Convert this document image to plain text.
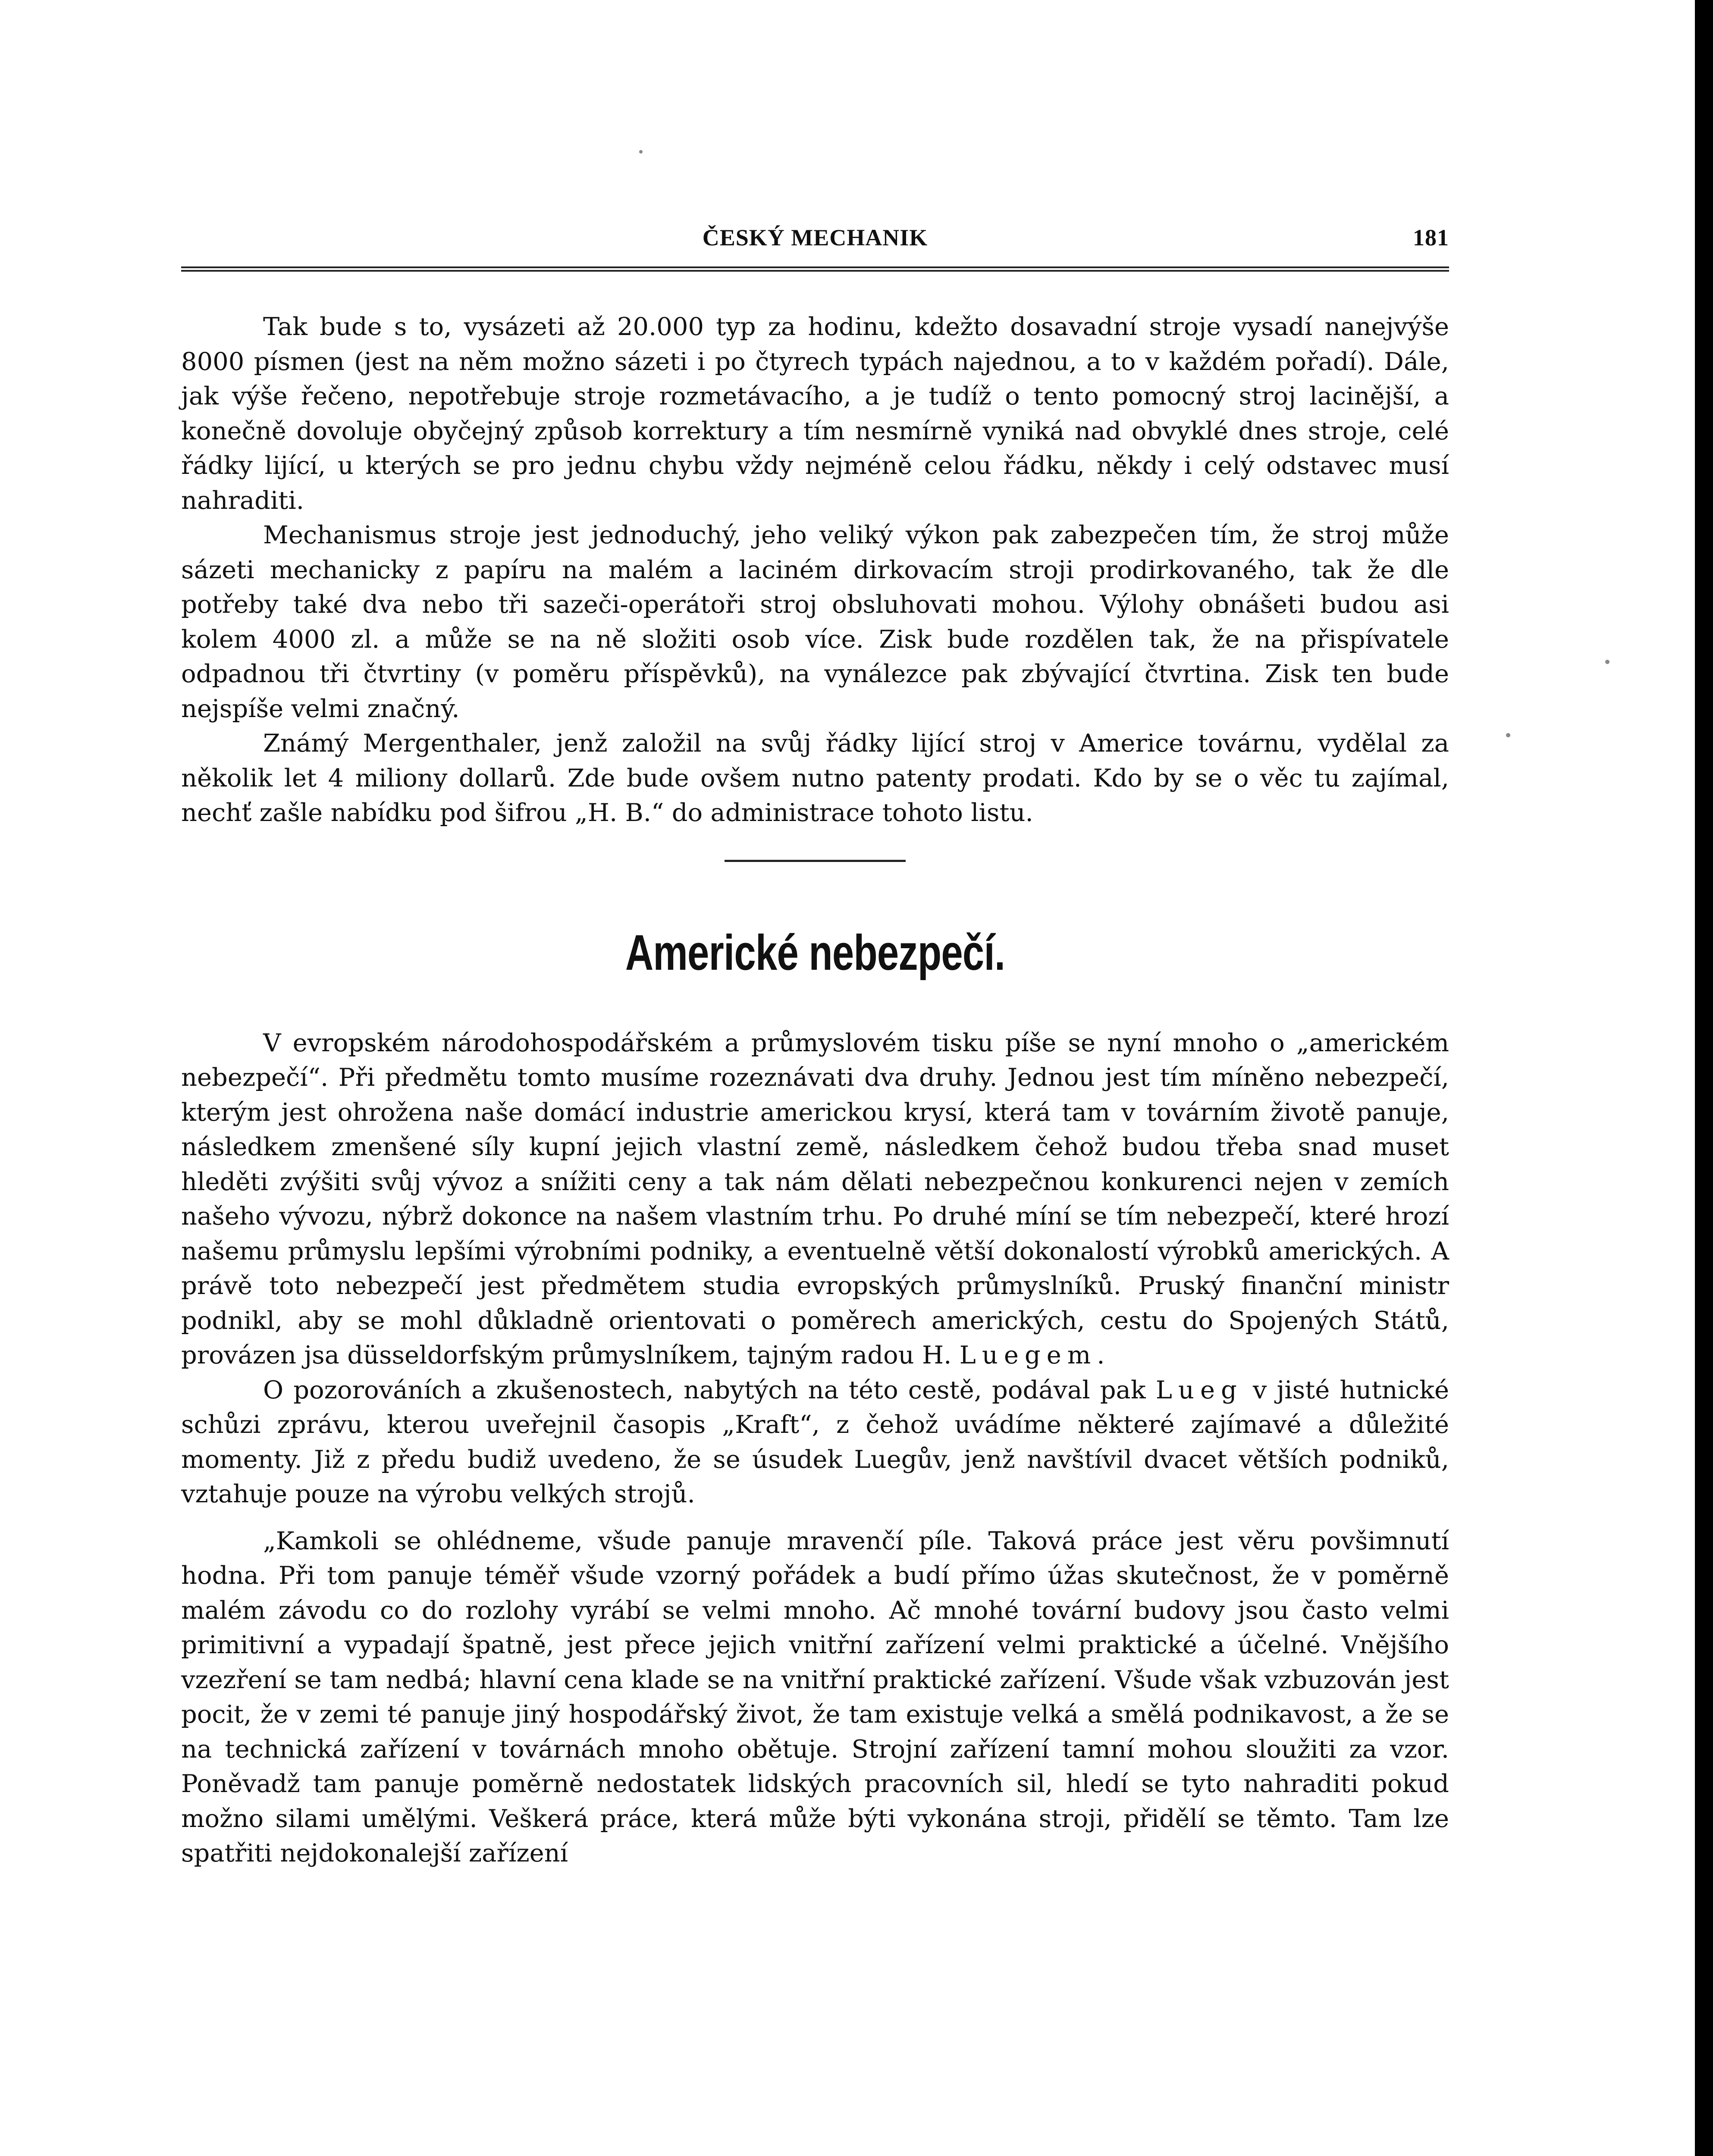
ČESKÝ MECHANIK	181

Tak bude s to, vysázeti až 20.000 typ za hodinu, kdežto dosavadní stroje vysadí nanejvýše 8000 písmen (jest na něm možno sázeti i po čtyrech typách najednou, a to v každém pořadí). Dále, jak výše řečeno, nepotřebuje stroje rozmetávacího, a je tudíž o tento pomocný stroj lacinější, a konečně dovoluje obyčejný způsob korrektury a tím nesmírně vyniká nad obvyklé dnes stroje, celé řádky lijící, u kterých se pro jednu chybu vždy nejméně celou řádku, někdy i celý odstavec musí nahraditi.

Mechanismus stroje jest jednoduchý, jeho veliký výkon pak zabezpečen tím, že stroj může sázeti mechanicky z papíru na malém a laciném dirkovacím stroji prodirkovaného, tak že dle potřeby také dva nebo tři sazeči-operátoři stroj obsluhovati mohou. Výlohy obnášeti budou asi kolem 4000 zl. a může se na ně složiti osob více. Zisk bude rozdělen tak, že na přispívatele odpadnou tři čtvrtiny (v poměru příspěvků), na vynálezce pak zbývající čtvrtina. Zisk ten bude nejspíše velmi značný.

Známý Mergenthaler, jenž založil na svůj řádky lijící stroj v Americe továrnu, vydělal za několik let 4 miliony dollarů. Zde bude ovšem nutno patenty prodati. Kdo by se o věc tu zajímal, nechť zašle nabídku pod šifrou „H. B.“ do administrace tohoto listu.

Americké nebezpečí.

V evropském národohospodářském a průmyslovém tisku píše se nyní mnoho o „americkém nebezpečí“. Při předmětu tomto musíme rozeznávati dva druhy. Jednou jest tím míněno nebezpečí, kterým jest ohrožena naše domácí industrie americkou krysí, která tam v továrním životě panuje, následkem zmenšené síly kupní jejich vlastní země, následkem čehož budou třeba snad muset hleděti zvýšiti svůj vývoz a snížiti ceny a tak nám dělati nebezpečnou konkurenci nejen v zemích našeho vývozu, nýbrž dokonce na našem vlastním trhu. Po druhé míní se tím nebezpečí, které hrozí našemu průmyslu lepšími výrobními podniky, a eventuelně větší dokonalostí výrobků amerických. A právě toto nebezpečí jest předmětem studia evropských průmyslníků. Pruský finanční ministr podnikl, aby se mohl důkladně orientovati o poměrech amerických, cestu do Spojených Států, provázen jsa düsseldorfským průmyslníkem, tajným radou H. Luegem.

O pozorováních a zkušenostech, nabytých na této cestě, podával pak Lueg v jisté hutnické schůzi zprávu, kterou uveřejnil časopis „Kraft“, z čehož uvádíme některé zajímavé a důležité momenty. Již z předu budiž uvedeno, že se úsudek Luegův, jenž navštívil dvacet větších podniků, vztahuje pouze na výrobu velkých strojů.

„Kamkoli se ohlédneme, všude panuje mravenčí píle. Taková práce jest věru povšimnutí hodna. Při tom panuje téměř všude vzorný pořádek a budí přímo úžas skutečnost, že v poměrně malém závodu co do rozlohy vyrábí se velmi mnoho. Ač mnohé tovární budovy jsou často velmi primitivní a vypadají špatně, jest přece jejich vnitřní zařízení velmi praktické a účelné. Vnějšího vzezření se tam nedbá; hlavní cena klade se na vnitřní praktické zařízení. Všude však vzbuzován jest pocit, že v zemi té panuje jiný hospodářský život, že tam existuje velká a smělá podnikavost, a že se na technická zařízení v továrnách mnoho obětuje. Strojní zařízení tamní mohou sloužiti za vzor. Poněvadž tam panuje poměrně nedostatek lidských pracovních sil, hledí se tyto nahraditi pokud možno silami umělými. Veškerá práce, která může býti vykonána stroji, přidělí se těmto. Tam lze spatřiti nejdokonalejší zařízení
